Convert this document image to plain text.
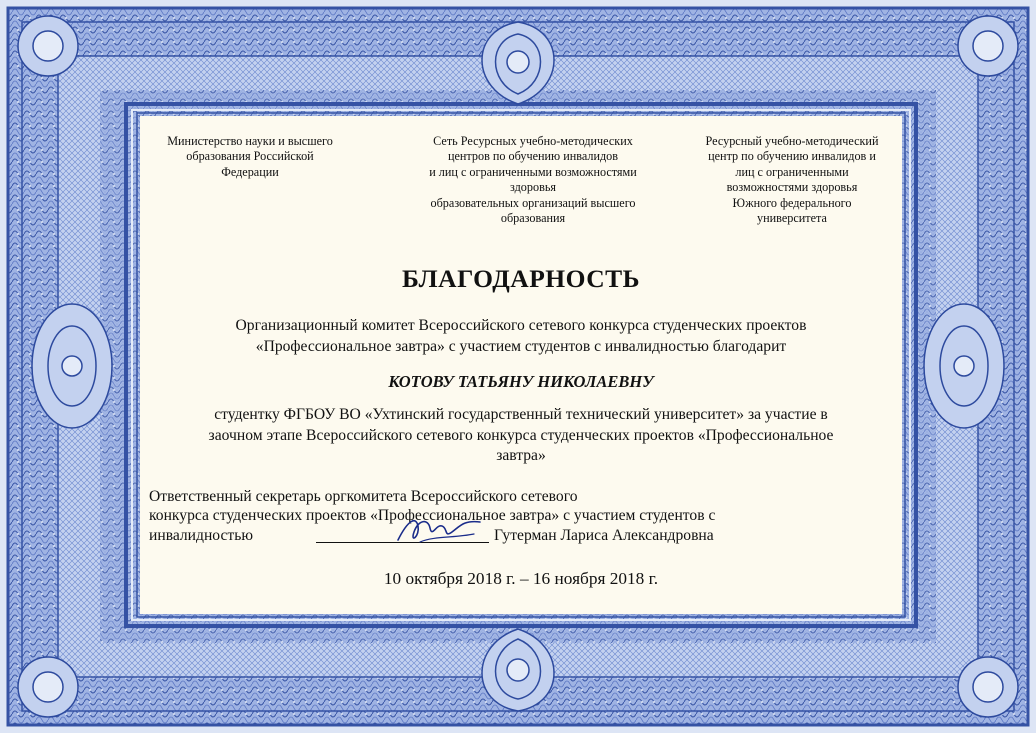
Министерство науки и высшего
образования Российской
Федерации
Сеть Ресурсных учебно-методических
центров по обучению инвалидов
и лиц с ограниченными возможностями
здоровья
образовательных организаций высшего
образования
Ресурсный учебно-методический
центр по обучению инвалидов и
лиц с ограниченными
возможностями здоровья
Южного федерального
университета
БЛАГОДАРНОСТЬ
Организационный комитет Всероссийского сетевого конкурса студенческих проектов
«Профессиональное завтра» с участием студентов с инвалидностью благодарит
КОТОВУ ТАТЬЯНУ НИКОЛАЕВНУ
студентку ФГБОУ ВО «Ухтинский государственный технический университет» за участие в
заочном этапе Всероссийского сетевого конкурса студенческих проектов «Профессиональное
завтра»
Ответственный секретарь оргкомитета Всероссийского сетевого
конкурса студенческих проектов «Профессиональное завтра» с участием студентов с
инвалидностью	Гутерман Лариса Александровна
10 октября 2018 г. – 16 ноября 2018 г.
